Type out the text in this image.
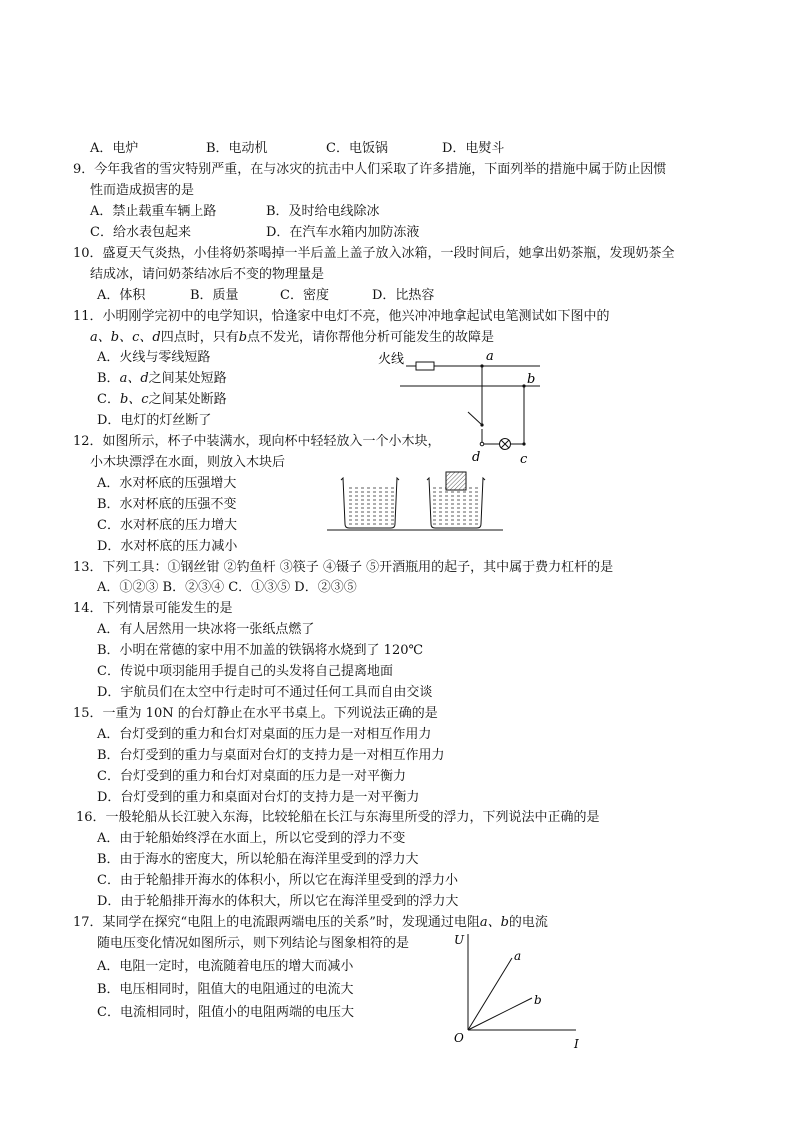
A．电炉	B．电动机	C．电饭锅	D．电熨斗
9．今年我省的雪灾特别严重，在与冰灾的抗击中人们采取了许多措施，下面列举的措施中属于防止因惯
性而造成损害的是
A．禁止载重车辆上路	B．及时给电线除冰
C．给水表包起来	D．在汽车水箱内加防冻液
10．盛夏天气炎热，小佳将奶茶喝掉一半后盖上盖子放入冰箱，一段时间后，她拿出奶茶瓶，发现奶茶全
结成冰，请问奶茶结冰后不变的物理量是
A．体积	B．质量	C．密度	D．比热容
11．小明刚学完初中的电学知识，恰逢家中电灯不亮，他兴冲冲地拿起试电笔测试如下图中的
a、b、c、d四点时，只有b点不发光，请你帮他分析可能发生的故障是
A．火线与零线短路
B．a、d之间某处短路
C．b、c之间某处断路
D．电灯的灯丝断了
火线	a
d	c
b
12．如图所示，杯子中装满水，现向杯中轻轻放入一个小木块，
小木块漂浮在水面，则放入木块后
A．水对杯底的压强增大
B．水对杯底的压强不变
C．水对杯底的压力增大
D．水对杯底的压力减小
13．下列工具：①钢丝钳 ②钓鱼杆 ③筷子 ④镊子 ⑤开酒瓶用的起子，其中属于费力杠杆的是
A．①②③ B．②③④ C．①③⑤ D．②③⑤
14．下列情景可能发生的是
A．有人居然用一块冰将一张纸点燃了
B．小明在常德的家中用不加盖的铁锅将水烧到了 120℃
C．传说中项羽能用手提自己的头发将自己提离地面
D．宇航员们在太空中行走时可不通过任何工具而自由交谈
15．一重为 10N 的台灯静止在水平书桌上。下列说法正确的是
A．台灯受到的重力和台灯对桌面的压力是一对相互作用力
B．台灯受到的重力与桌面对台灯的支持力是一对相互作用力
C．台灯受到的重力和台灯对桌面的压力是一对平衡力
D．台灯受到的重力和桌面对台灯的支持力是一对平衡力
16．一般轮船从长江驶入东海，比较轮船在长江与东海里所受的浮力，下列说法中正确的是
A．由于轮船始终浮在水面上，所以它受到的浮力不变
B．由于海水的密度大，所以轮船在海洋里受到的浮力大
C．由于轮船排开海水的体积小，所以它在海洋里受到的浮力小
D．由于轮船排开海水的体积大，所以它在海洋里受到的浮力大
17．某同学在探究“电阻上的电流跟两端电压的关系”时，发现通过电阻a、b的电流
随电压变化情况如图所示，则下列结论与图象相符的是
A．电阻一定时，电流随着电压的增大而减小
B．电压相同时，阻值大的电阻通过的电流大
C．电流相同时，阻值小的电阻两端的电压大
U
I
O
a
b
